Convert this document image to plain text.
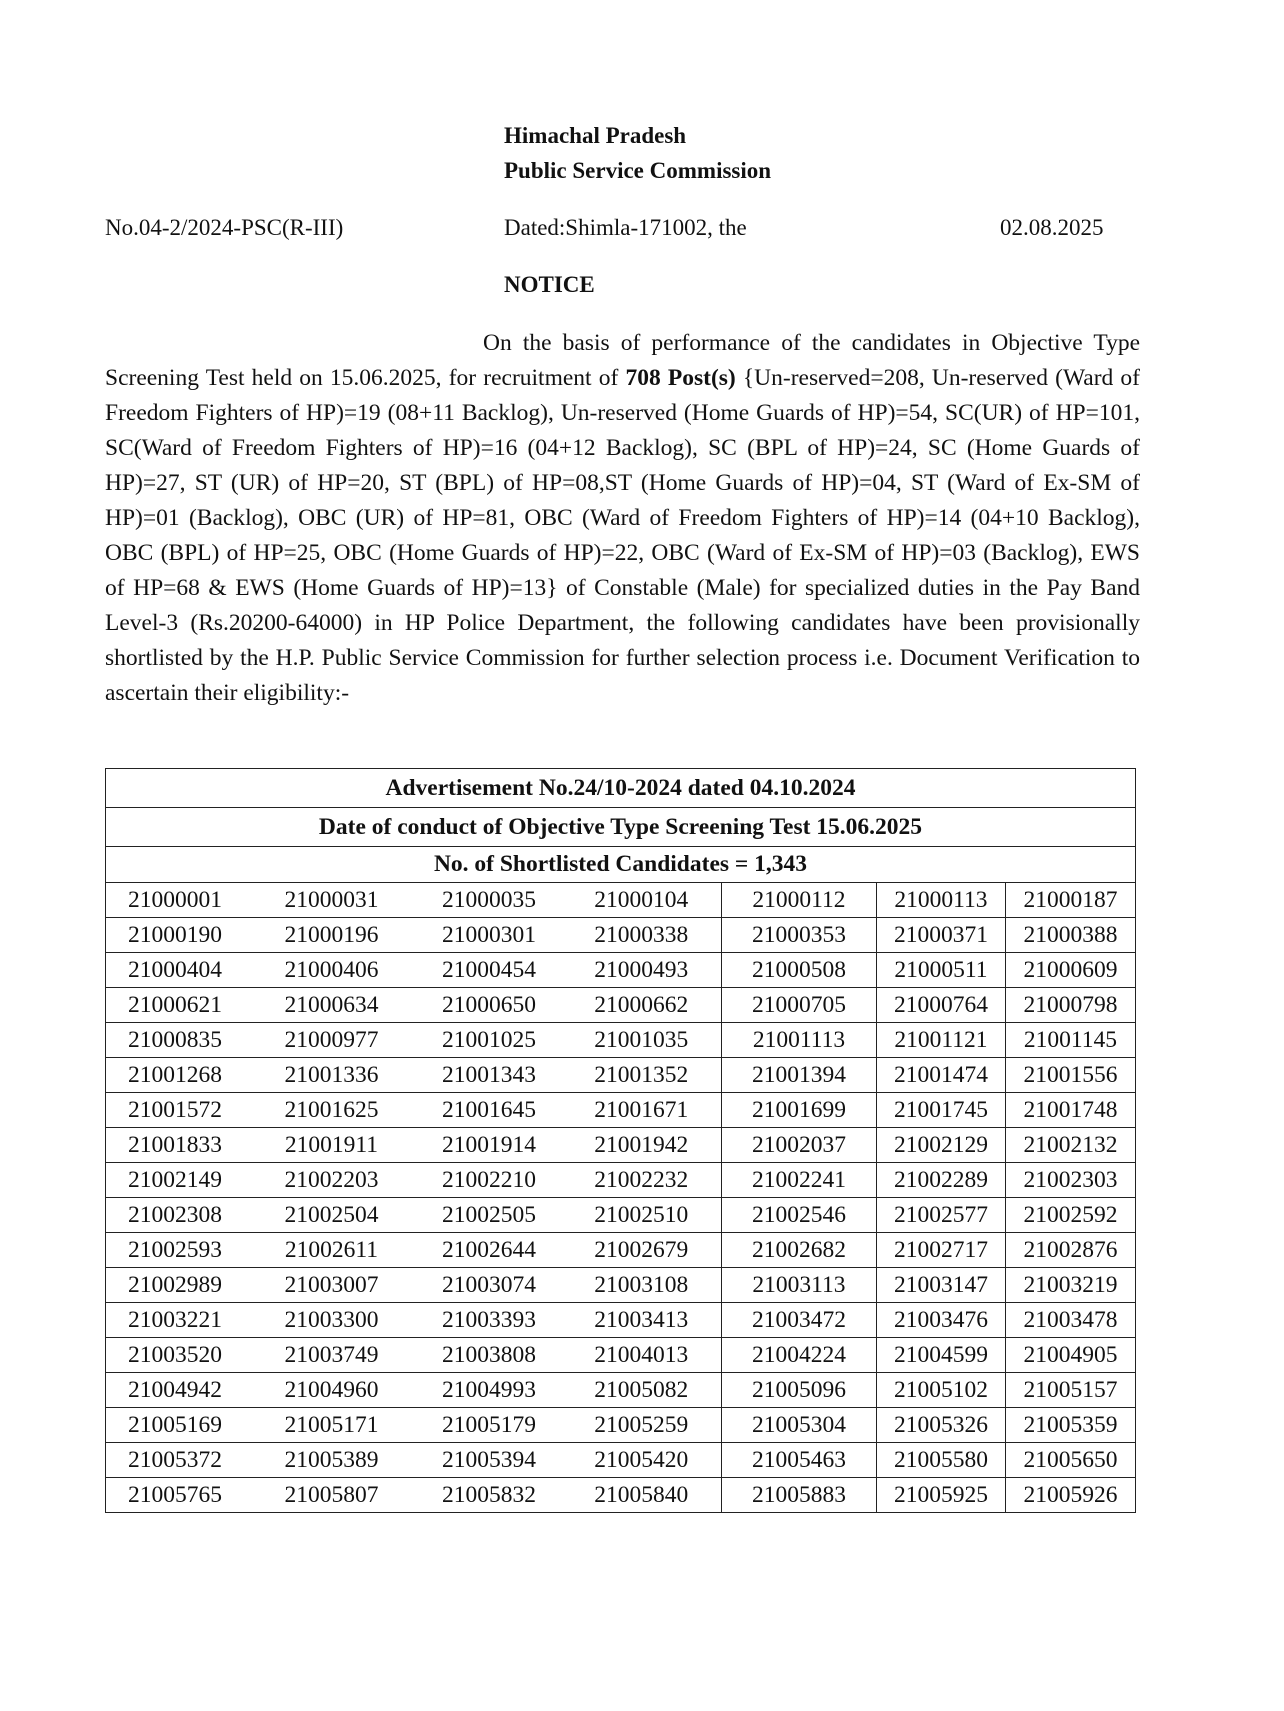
Himachal Pradesh
Public Service Commission
No.04-2/2024-PSC(R-III)	Dated:Shimla-171002, the	02.08.2025
NOTICE
On the basis of performance of the candidates in Objective Type Screening Test held on 15.06.2025, for recruitment of 708 Post(s) {Un-reserved=208, Un-reserved (Ward of Freedom Fighters of HP)=19 (08+11 Backlog), Un-reserved (Home Guards of HP)=54, SC(UR) of HP=101, SC(Ward of Freedom Fighters of HP)=16 (04+12 Backlog), SC (BPL of HP)=24, SC (Home Guards of HP)=27, ST (UR) of HP=20, ST (BPL) of HP=08,ST (Home Guards of HP)=04, ST (Ward of Ex-SM of HP)=01 (Backlog), OBC (UR) of HP=81, OBC (Ward of Freedom Fighters of HP)=14 (04+10 Backlog), OBC (BPL) of HP=25, OBC (Home Guards of HP)=22, OBC (Ward of Ex-SM of HP)=03 (Backlog), EWS of HP=68 & EWS (Home Guards of HP)=13} of Constable (Male) for specialized duties in the Pay Band Level-3 (Rs.20200-64000) in HP Police Department, the following candidates have been provisionally shortlisted by the H.P. Public Service Commission for further selection process i.e. Document Verification to ascertain their eligibility:-
Advertisement No.24/10-2024 dated 04.10.2024						
Date of conduct of Objective Type Screening Test 15.06.2025						
No. of Shortlisted Candidates = 1,343						
21000001	21000031	21000035	21000104	21000112	21000113	21000187
21000190	21000196	21000301	21000338	21000353	21000371	21000388
21000404	21000406	21000454	21000493	21000508	21000511	21000609
21000621	21000634	21000650	21000662	21000705	21000764	21000798
21000835	21000977	21001025	21001035	21001113	21001121	21001145
21001268	21001336	21001343	21001352	21001394	21001474	21001556
21001572	21001625	21001645	21001671	21001699	21001745	21001748
21001833	21001911	21001914	21001942	21002037	21002129	21002132
21002149	21002203	21002210	21002232	21002241	21002289	21002303
21002308	21002504	21002505	21002510	21002546	21002577	21002592
21002593	21002611	21002644	21002679	21002682	21002717	21002876
21002989	21003007	21003074	21003108	21003113	21003147	21003219
21003221	21003300	21003393	21003413	21003472	21003476	21003478
21003520	21003749	21003808	21004013	21004224	21004599	21004905
21004942	21004960	21004993	21005082	21005096	21005102	21005157
21005169	21005171	21005179	21005259	21005304	21005326	21005359
21005372	21005389	21005394	21005420	21005463	21005580	21005650
21005765	21005807	21005832	21005840	21005883	21005925	21005926
